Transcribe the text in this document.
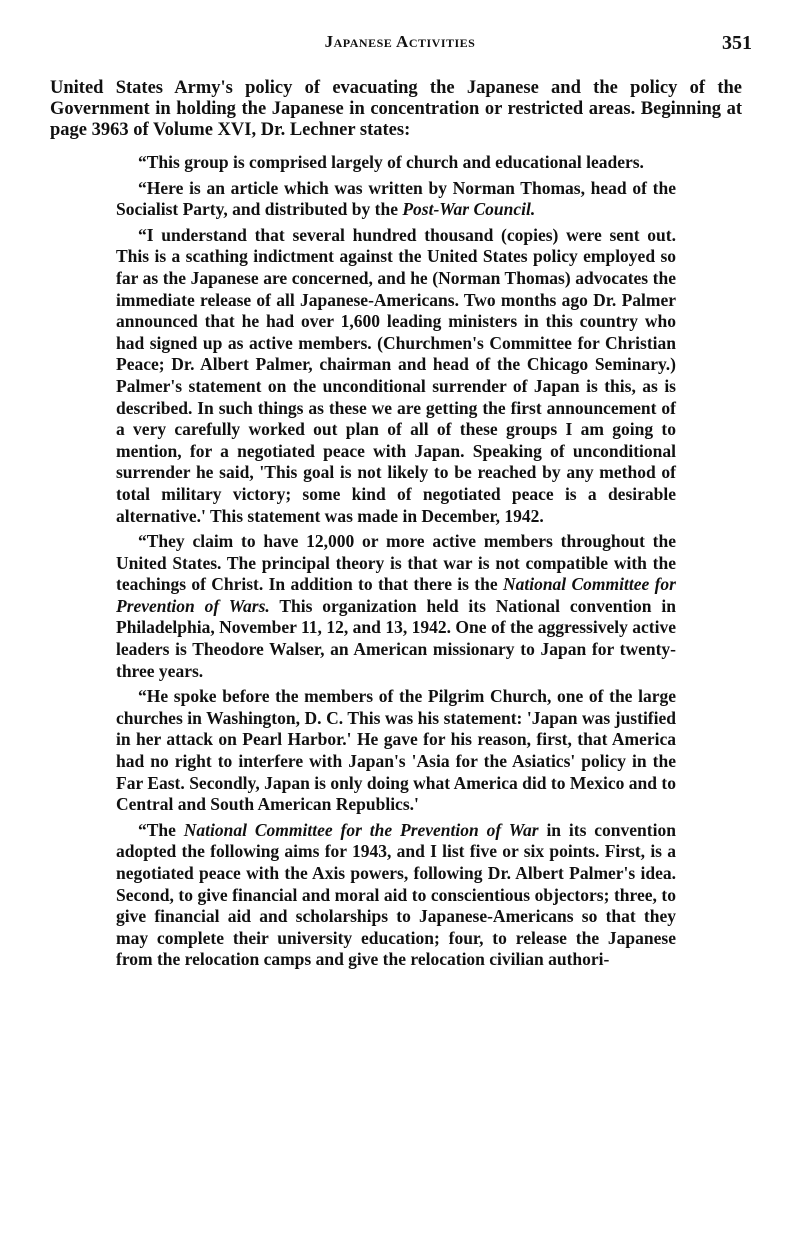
Japanese Activities	351

United States Army's policy of evacuating the Japanese and the policy of the Government in holding the Japanese in concentration or restricted areas. Beginning at page 3963 of Volume XVI, Dr. Lechner states:

“This group is comprised largely of church and educational leaders.

“Here is an article which was written by Norman Thomas, head of the Socialist Party, and distributed by the Post-War Council.

“I understand that several hundred thousand (copies) were sent out. This is a scathing indictment against the United States policy employed so far as the Japanese are concerned, and he (Norman Thomas) advocates the immediate release of all Japanese-Americans. Two months ago Dr. Palmer announced that he had over 1,600 leading ministers in this country who had signed up as active members. (Churchmen's Committee for Christian Peace; Dr. Albert Palmer, chairman and head of the Chicago Seminary.) Palmer's statement on the unconditional surrender of Japan is this, as is described. In such things as these we are getting the first announcement of a very carefully worked out plan of all of these groups I am going to mention, for a negotiated peace with Japan. Speaking of unconditional surrender he said, 'This goal is not likely to be reached by any method of total military victory; some kind of negotiated peace is a desirable alternative.' This statement was made in December, 1942.

“They claim to have 12,000 or more active members throughout the United States. The principal theory is that war is not compatible with the teachings of Christ. In addition to that there is the National Committee for Prevention of Wars. This organization held its National convention in Philadelphia, November 11, 12, and 13, 1942. One of the aggressively active leaders is Theodore Walser, an American missionary to Japan for twenty-three years.

“He spoke before the members of the Pilgrim Church, one of the large churches in Washington, D. C. This was his statement: 'Japan was justified in her attack on Pearl Harbor.' He gave for his reason, first, that America had no right to interfere with Japan's 'Asia for the Asiatics' policy in the Far East. Secondly, Japan is only doing what America did to Mexico and to Central and South American Republics.'

“The National Committee for the Prevention of War in its convention adopted the following aims for 1943, and I list five or six points. First, is a negotiated peace with the Axis powers, following Dr. Albert Palmer's idea. Second, to give financial and moral aid to conscientious objectors; three, to give financial aid and scholarships to Japanese-Americans so that they may complete their university education; four, to release the Japanese from the relocation camps and give the relocation civilian authori-
